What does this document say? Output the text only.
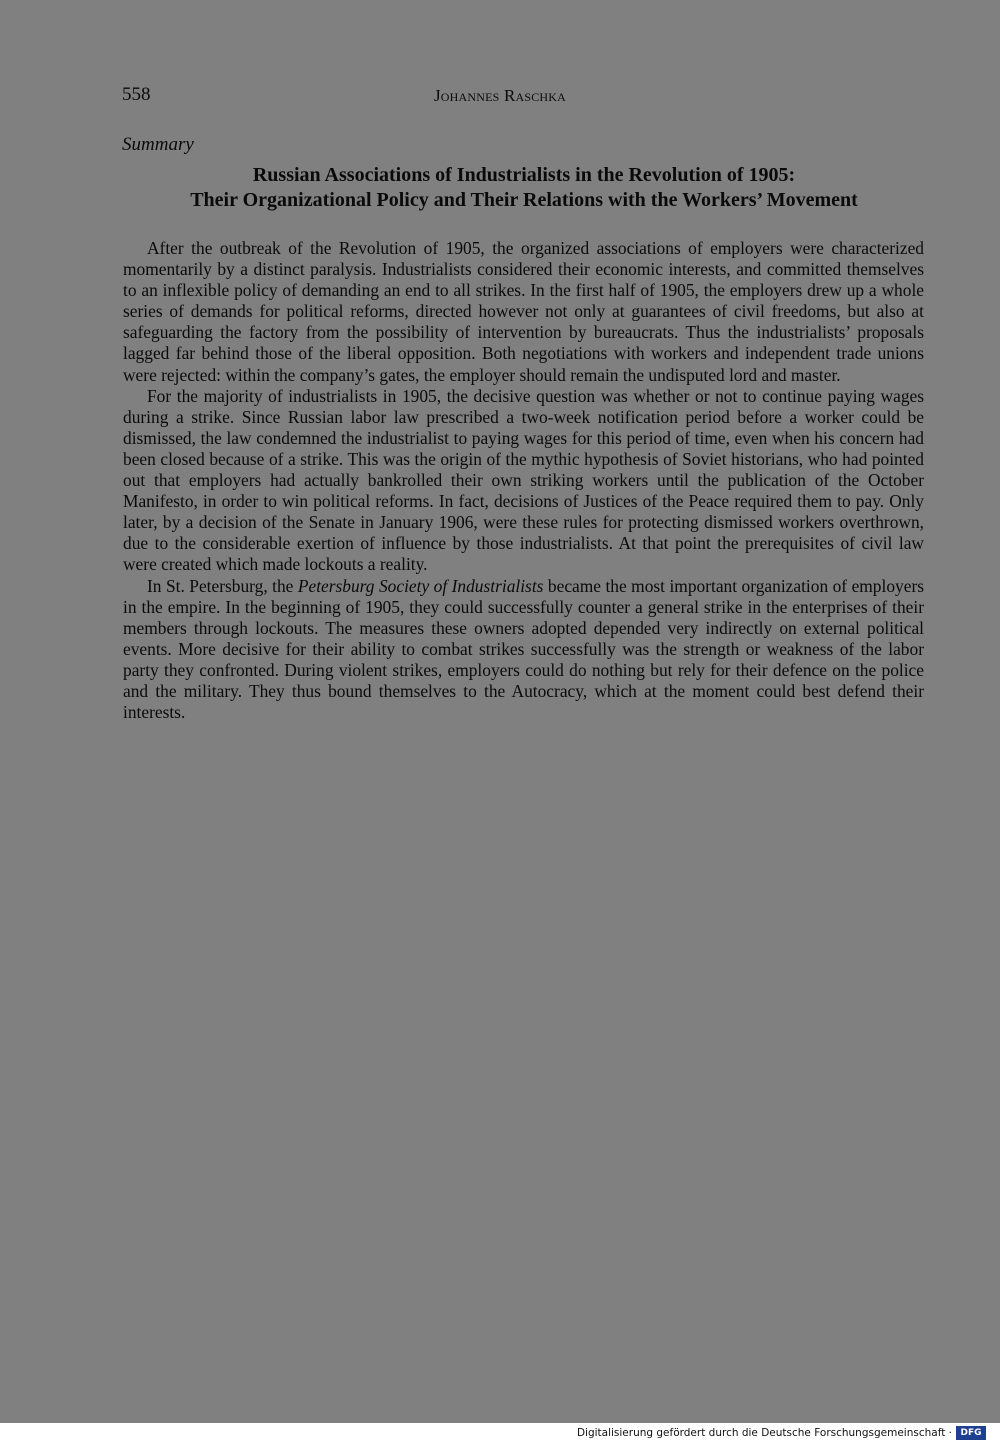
558	Johannes Raschka
Summary
Russian Associations of Industrialists in the Revolution of 1905:
Their Organizational Policy and Their Relations with the Workers’ Movement

After the outbreak of the Revolution of 1905, the organized associations of employers were characterized momentarily by a distinct paralysis. Industrialists considered their economic interests, and committed themselves to an inflexible policy of demanding an end to all strikes. In the first half of 1905, the employers drew up a whole series of demands for political reforms, directed however not only at guarantees of civil freedoms, but also at safeguarding the factory from the possibility of intervention by bureaucrats. Thus the industrialists’ proposals lagged far behind those of the liberal opposition. Both negotiations with workers and independent trade unions were rejected: within the company’s gates, the employer should remain the undisputed lord and master.

For the majority of industrialists in 1905, the decisive question was whether or not to continue paying wages during a strike. Since Russian labor law prescribed a two-week notification period before a worker could be dismissed, the law condemned the industrialist to paying wages for this period of time, even when his concern had been closed because of a strike. This was the origin of the mythic hypothesis of Soviet historians, who had pointed out that employers had actually bankrolled their own striking workers until the publication of the October Manifesto, in order to win political reforms. In fact, decisions of Justices of the Peace required them to pay. Only later, by a decision of the Senate in January 1906, were these rules for protecting dismissed workers overthrown, due to the considerable exertion of influence by those industrialists. At that point the prerequisites of civil law were created which made lockouts a reality.

In St. Petersburg, the Petersburg Society of Industrialists became the most important organization of employers in the empire. In the beginning of 1905, they could successfully counter a general strike in the enterprises of their members through lockouts. The measures these owners adopted depended very indirectly on external political events. More decisive for their ability to combat strikes successfully was the strength or weakness of the labor party they confronted. During violent strikes, employers could do nothing but rely for their defence on the police and the military. They thus bound themselves to the Autocracy, which at the moment could best defend their interests.

Digitalisierung gefördert durch die Deutsche Forschungsgemeinschaft · DFG
